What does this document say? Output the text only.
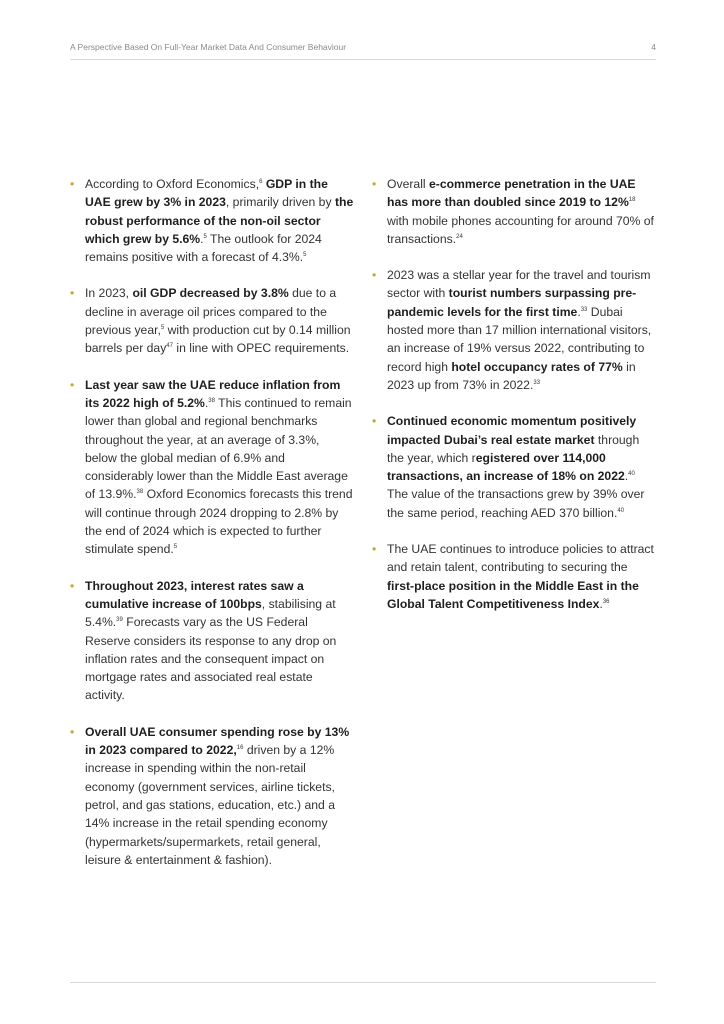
A Perspective Based On Full-Year Market Data And Consumer Behaviour	4
• According to Oxford Economics,$^6$ GDP in the UAE grew by 3% in 2023, primarily driven by the robust performance of the non-oil sector which grew by 5.6%.$^5$ The outlook for 2024 remains positive with a forecast of 4.3%.$^5$
• In 2023, oil GDP decreased by 3.8% due to a decline in average oil prices compared to the previous year,$^5$ with production cut by 0.14 million barrels per day$^{47}$ in line with OPEC requirements.
• Last year saw the UAE reduce inflation from its 2022 high of 5.2%.$^{38}$ This continued to remain lower than global and regional benchmarks throughout the year, at an average of 3.3%, below the global median of 6.9% and considerably lower than the Middle East average of 13.9%.$^{38}$ Oxford Economics forecasts this trend will continue through 2024 dropping to 2.8% by the end of 2024 which is expected to further stimulate spend.$^5$
• Throughout 2023, interest rates saw a cumulative increase of 100bps, stabilising at 5.4%.$^{39}$ Forecasts vary as the US Federal Reserve considers its response to any drop on inflation rates and the consequent impact on mortgage rates and associated real estate activity.
• Overall UAE consumer spending rose by 13% in 2023 compared to 2022,16 driven by a 12% increase in spending within the non-retail economy (government services, airline tickets, petrol, and gas stations, education, etc.) and a 14% increase in the retail spending economy (hypermarkets/supermarkets, retail general, leisure & entertainment & fashion).
• Overall e-commerce penetration in the UAE has more than doubled since 2019 to 12%$^{18}$ with mobile phones accounting for around 70% of transactions.$^{24}$
• 2023 was a stellar year for the travel and tourism sector with tourist numbers surpassing pre-pandemic levels for the first time.$^{33}$ Dubai hosted more than 17 million international visitors, an increase of 19% versus 2022, contributing to record high hotel occupancy rates of 77% in 2023 up from 73% in 2022.33
• Continued economic momentum positively impacted Dubai’s real estate market through the year, which registered over 114,000 transactions, an increase of 18% on 2022.40 The value of the transactions grew by 39% over the same period, reaching AED 370 billion.$^{40}$
• The UAE continues to introduce policies to attract and retain talent, contributing to securing the first-place position in the Middle East in the Global Talent Competitiveness Index.$^{36}$
